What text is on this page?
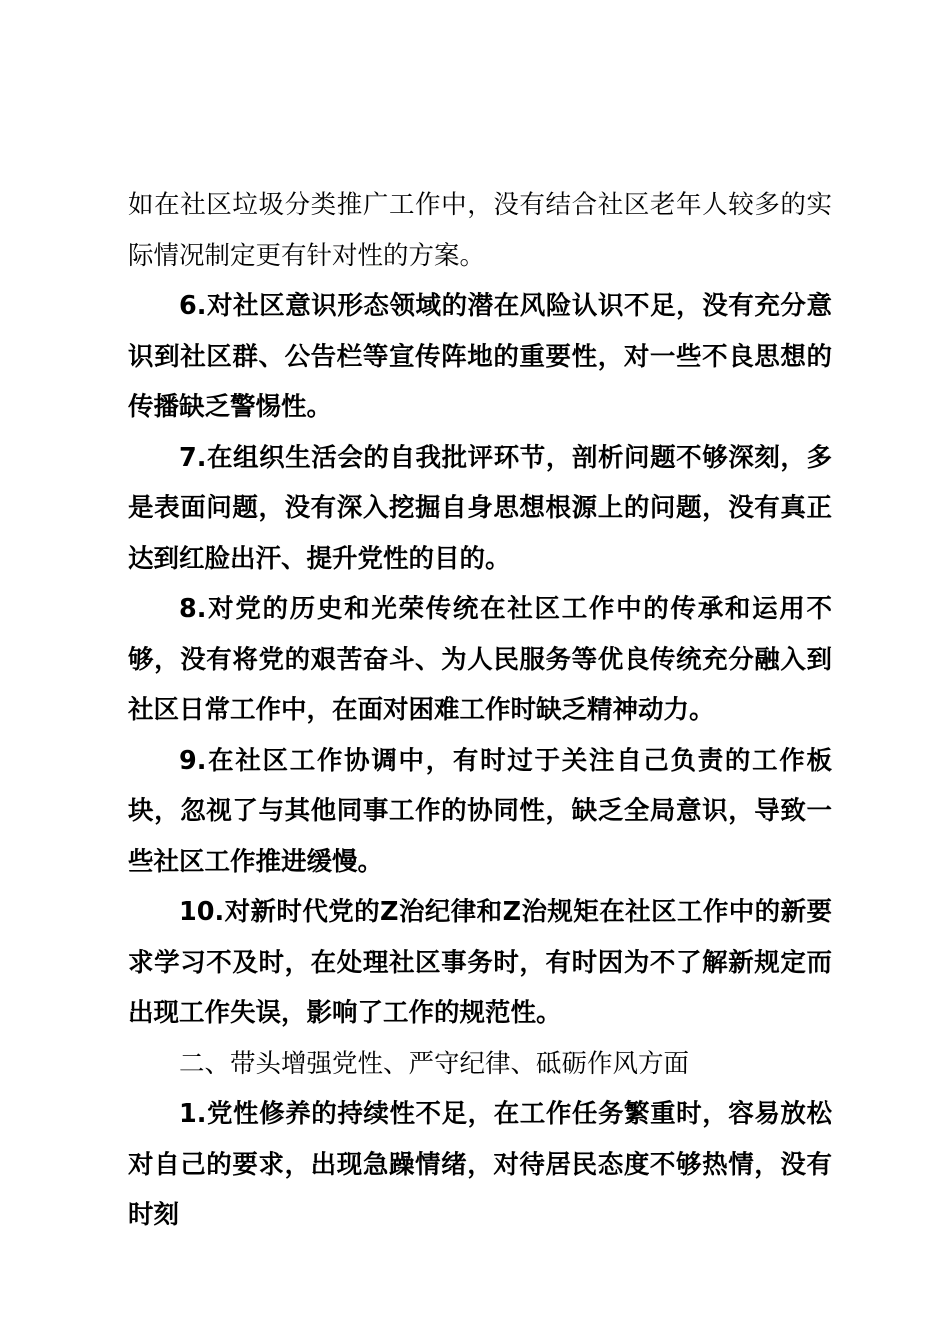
如在社区垃圾分类推广工作中，没有结合社区老年人较多的实际情况制定更有针对性的方案。

6.对社区意识形态领域的潜在风险认识不足，没有充分意识到社区群、公告栏等宣传阵地的重要性，对一些不良思想的传播缺乏警惕性。

7.在组织生活会的自我批评环节，剖析问题不够深刻，多是表面问题，没有深入挖掘自身思想根源上的问题，没有真正达到红脸出汗、提升党性的目的。

8.对党的历史和光荣传统在社区工作中的传承和运用不够，没有将党的艰苦奋斗、为人民服务等优良传统充分融入到社区日常工作中，在面对困难工作时缺乏精神动力。

9.在社区工作协调中，有时过于关注自己负责的工作板块，忽视了与其他同事工作的协同性，缺乏全局意识，导致一些社区工作推进缓慢。

10.对新时代党的Z治纪律和Z治规矩在社区工作中的新要求学习不及时，在处理社区事务时，有时因为不了解新规定而出现工作失误，影响了工作的规范性。

二、带头增强党性、严守纪律、砥砺作风方面

1.党性修养的持续性不足，在工作任务繁重时，容易放松对自己的要求，出现急躁情绪，对待居民态度不够热情，没有时刻
